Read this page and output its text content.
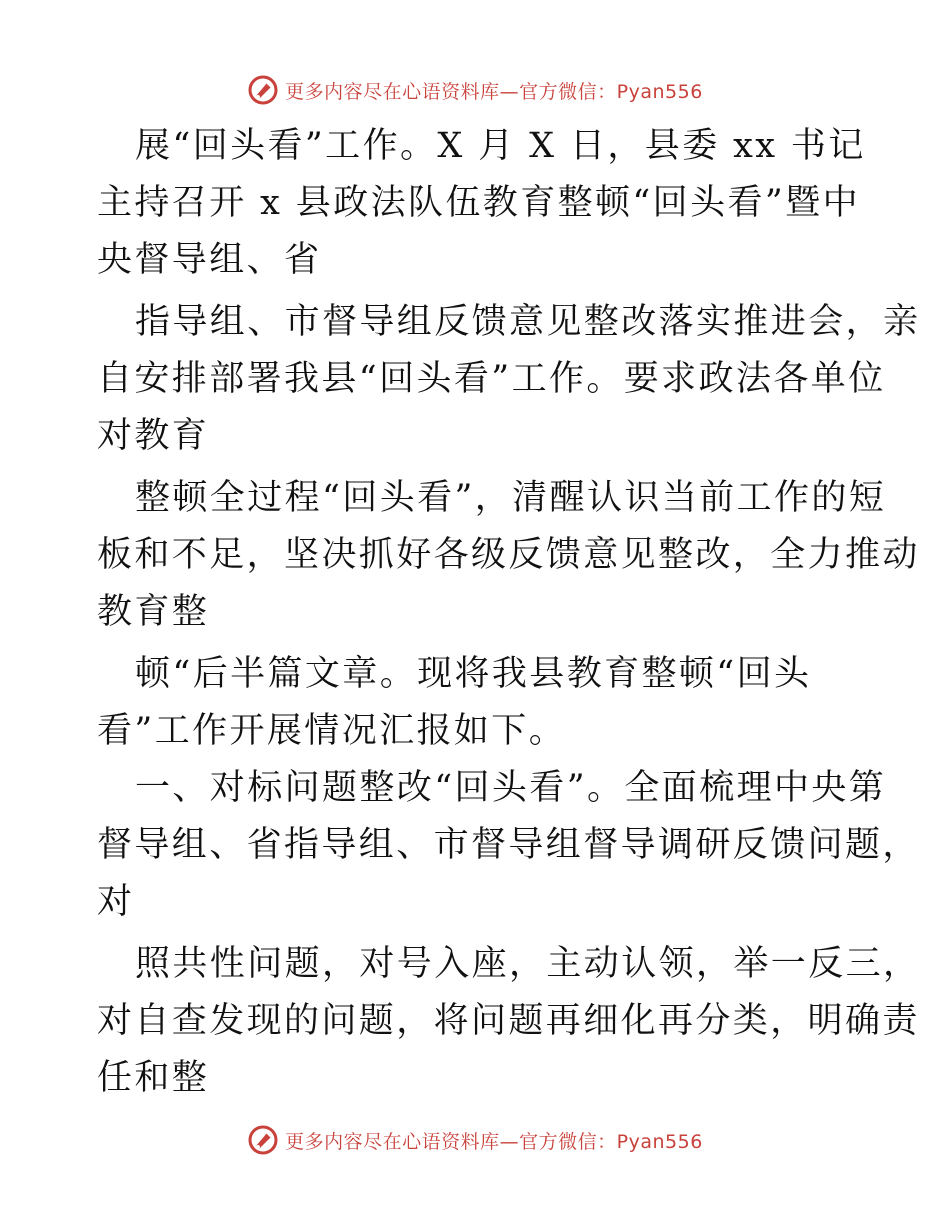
更多内容尽在心语资料库—官方微信：Pyan556
展“回头看”工作。X 月 X 日，县委 xx 书记
主持召开 x 县政法队伍教育整顿“回头看”暨中
央督导组、省
指导组、市督导组反馈意见整改落实推进会，亲
自安排部署我县“回头看”工作。要求政法各单位
对教育
整顿全过程“回头看”，清醒认识当前工作的短
板和不足，坚决抓好各级反馈意见整改，全力推动
教育整
顿“后半篇文章。现将我县教育整顿“回头
看”工作开展情况汇报如下。
一、对标问题整改“回头看”。全面梳理中央第
督导组、省指导组、市督导组督导调研反馈问题，
对
照共性问题，对号入座，主动认领，举一反三，
对自查发现的问题，将问题再细化再分类，明确责
任和整
更多内容尽在心语资料库—官方微信：Pyan556
